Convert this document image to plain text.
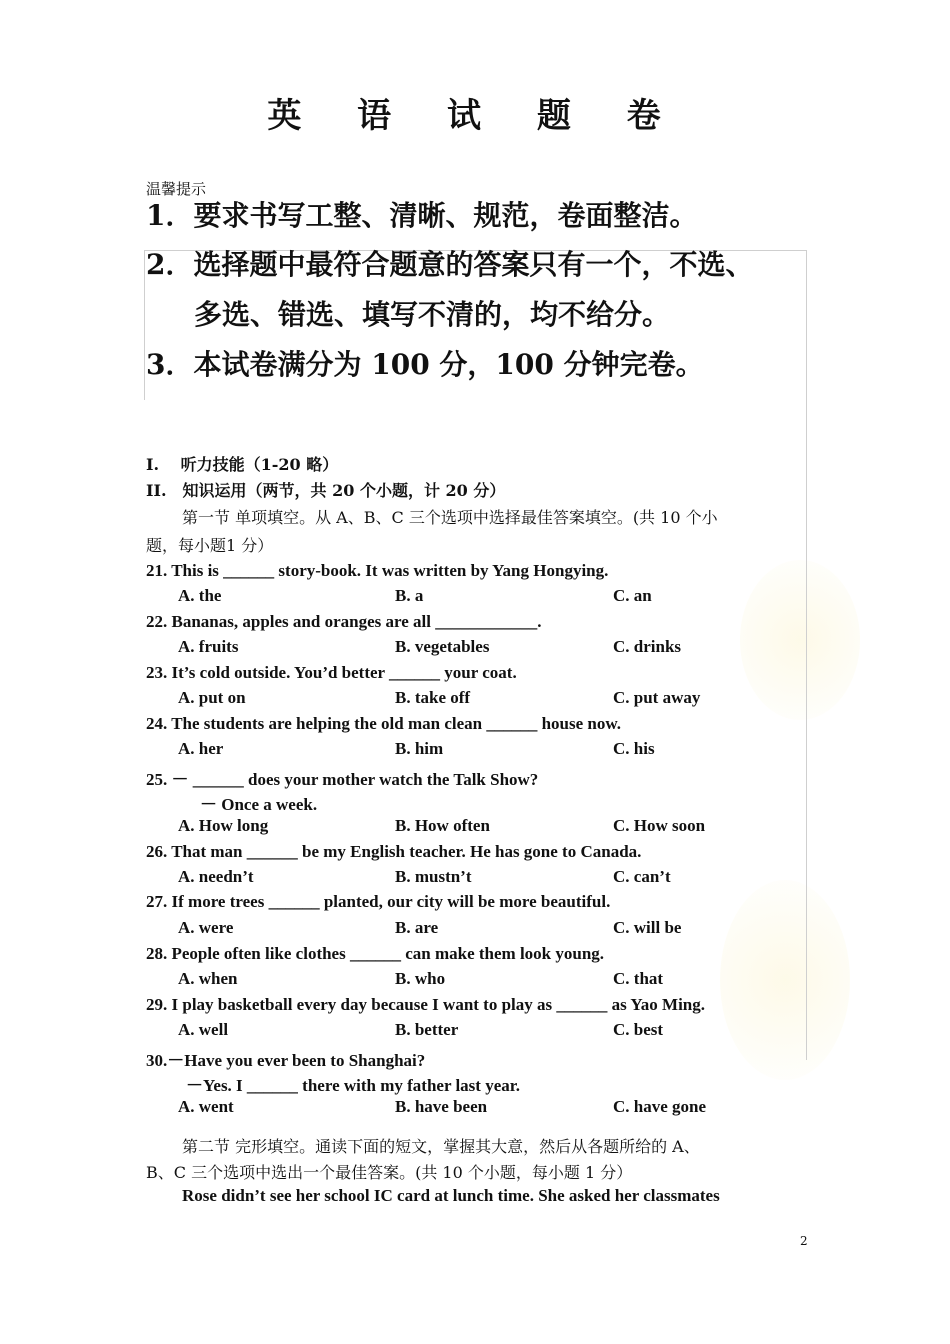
英 语 试 题 卷
温馨提示
1．要求书写工整、清晰、规范，卷面整洁。
2．选择题中最符合题意的答案只有一个，不选、
多选、错选、填写不清的，均不给分。
3．本试卷满分为 100 分，100 分钟完卷。
I.　 听力技能（1-20 略）
II.　知识运用（两节，共 20 个小题，计 20 分）
第一节 单项填空。从 A、B、C 三个选项中选择最佳答案填空。(共 10 个小
题，每小题1 分）
21. This is ______ story-book. It was written by Yang Hongying.
A. the	B. a	C. an
22. Bananas, apples and oranges are all ____________.
A. fruits	B. vegetables	C. drinks
23. It’s cold outside. You’d better ______ your coat.
A. put on	B. take off	C. put away
24. The students are helping the old man clean ______ house now.
A. her	B. him	C. his
25. － ______ does your mother watch the Talk Show?
－ Once a week.
A. How long	B. How often	C. How soon
26. That man ______ be my English teacher. He has gone to Canada.
A. needn’t	B. mustn’t	C. can’t
27. If more trees ______ planted, our city will be more beautiful.
A. were	B. are	C. will be
28. People often like clothes ______ can make them look young.
A. when	B. who	C. that
29. I play basketball every day because I want to play as ______ as Yao Ming.
A. well	B. better	C. best
30.－Have you ever been to Shanghai?
－Yes. I ______ there with my father last year.
A. went	B. have been	C. have gone
第二节 完形填空。通读下面的短文，掌握其大意，然后从各题所给的 A、
B、C 三个选项中选出一个最佳答案。(共 10 个小题，每小题 1 分）
Rose didn’t see her school IC card at lunch time. She asked her classmates
2
